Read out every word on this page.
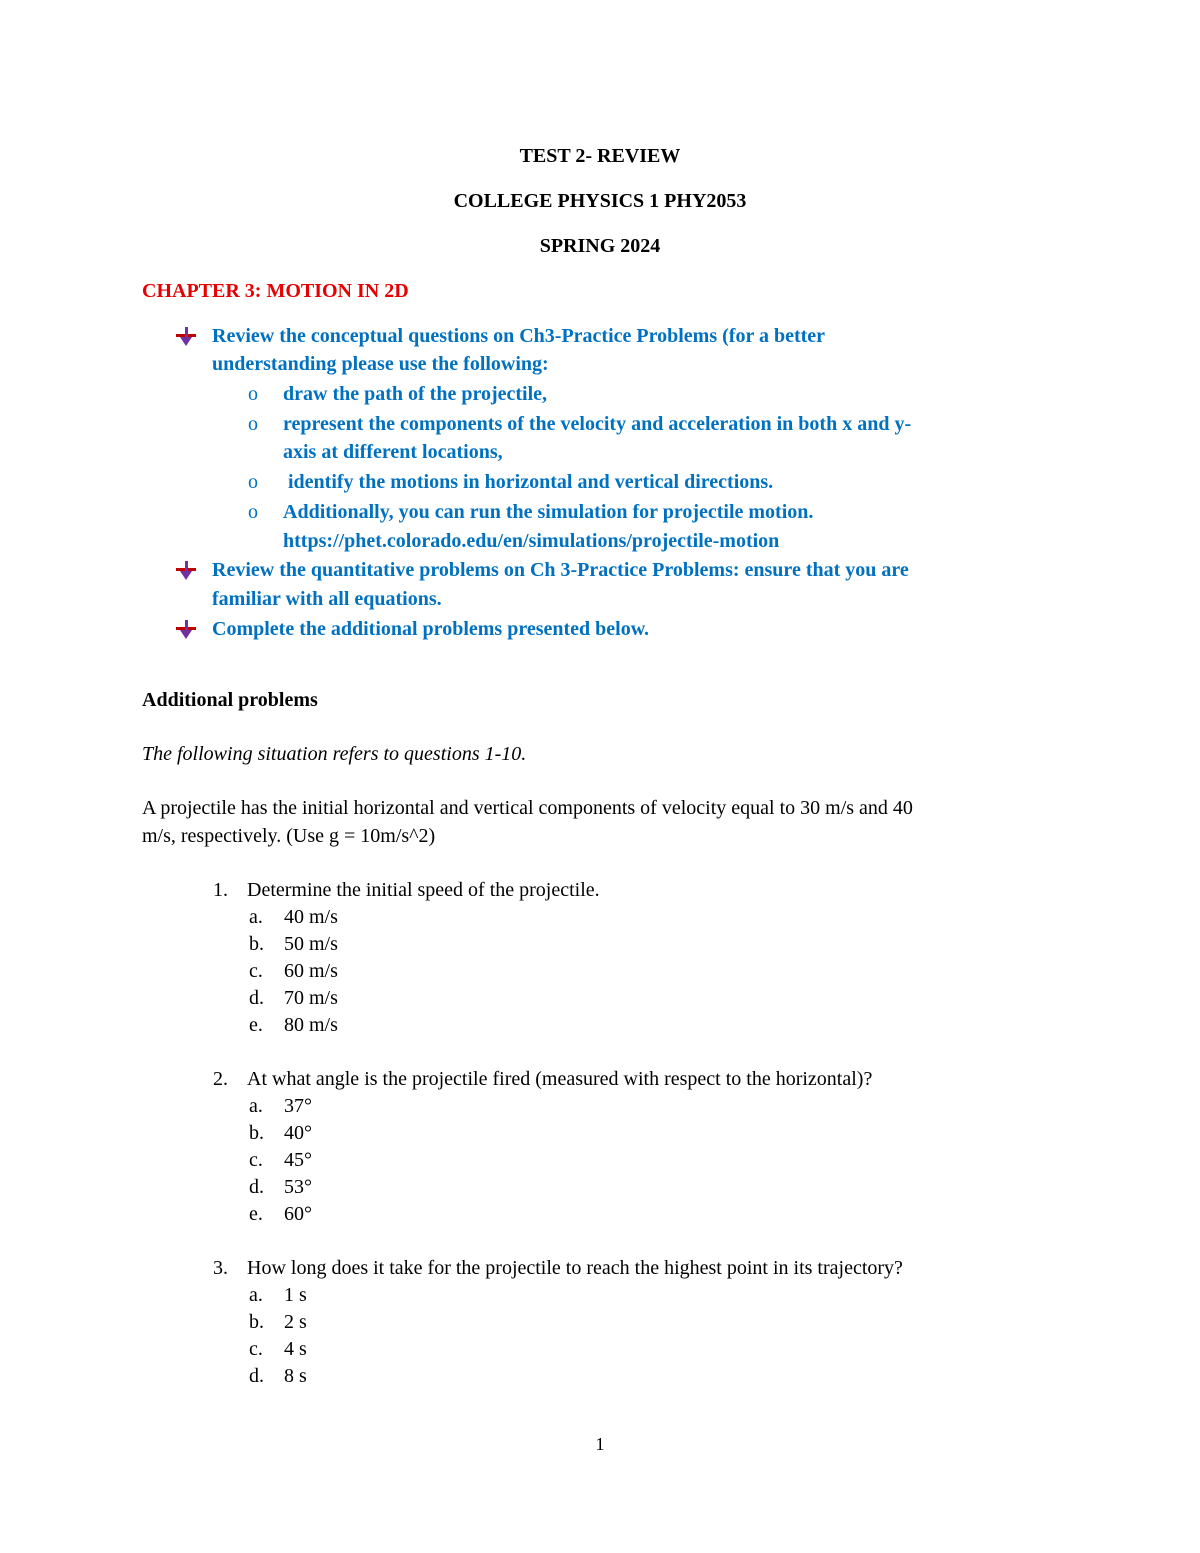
TEST 2- REVIEW
COLLEGE PHYSICS 1 PHY2053
SPRING 2024
CHAPTER 3: MOTION IN 2D
Review the conceptual questions on Ch3-Practice Problems (for a better
understanding please use the following:
o draw the path of the projectile,
o represent the components of the velocity and acceleration in both x and y-
axis at different locations,
o identify the motions in horizontal and vertical directions.
o Additionally, you can run the simulation for projectile motion.
https://phet.colorado.edu/en/simulations/projectile-motion
Review the quantitative problems on Ch 3-Practice Problems: ensure that you are
familiar with all equations.
Complete the additional problems presented below.
Additional problems
The following situation refers to questions 1-10.
A projectile has the initial horizontal and vertical components of velocity equal to 30 m/s and 40
m/s, respectively. (Use g = 10m/s^2)
1. Determine the initial speed of the projectile.
a. 40 m/s
b. 50 m/s
c. 60 m/s
d. 70 m/s
e. 80 m/s
2. At what angle is the projectile fired (measured with respect to the horizontal)?
a. 37°
b. 40°
c. 45°
d. 53°
e. 60°
3. How long does it take for the projectile to reach the highest point in its trajectory?
a. 1 s
b. 2 s
c. 4 s
d. 8 s
1
